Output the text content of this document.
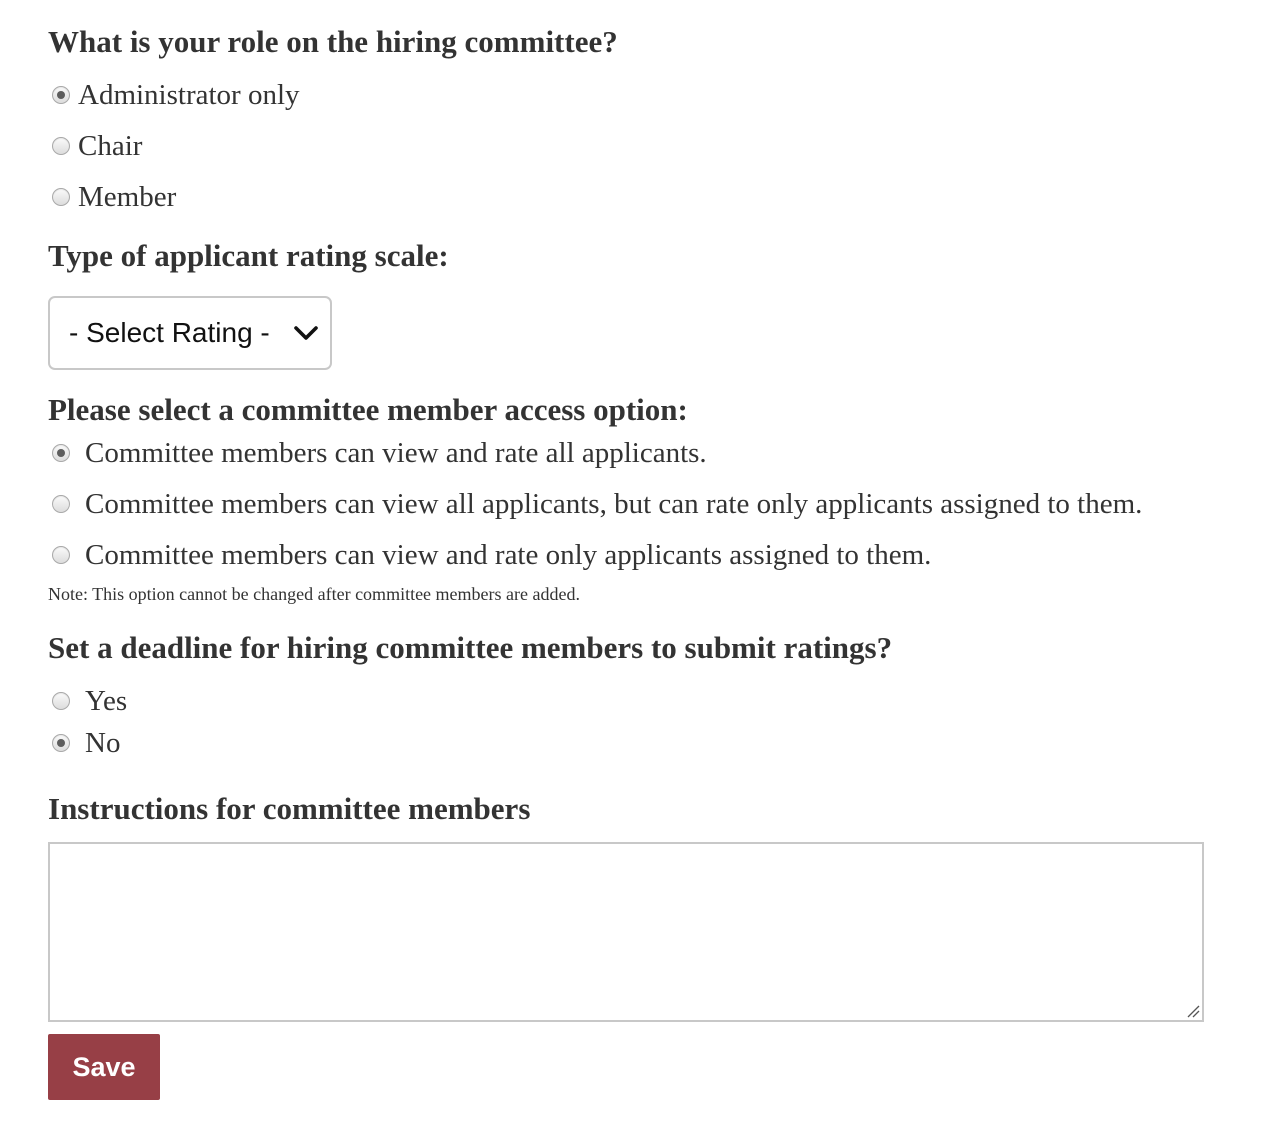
What is your role on the hiring committee?
Administrator only
Chair
Member
Type of applicant rating scale:
- Select Rating -
Please select a committee member access option:
Committee members can view and rate all applicants.
Committee members can view all applicants, but can rate only applicants assigned to them.
Committee members can view and rate only applicants assigned to them.
Note: This option cannot be changed after committee members are added.
Set a deadline for hiring committee members to submit ratings?
Yes
No
Instructions for committee members
Save
